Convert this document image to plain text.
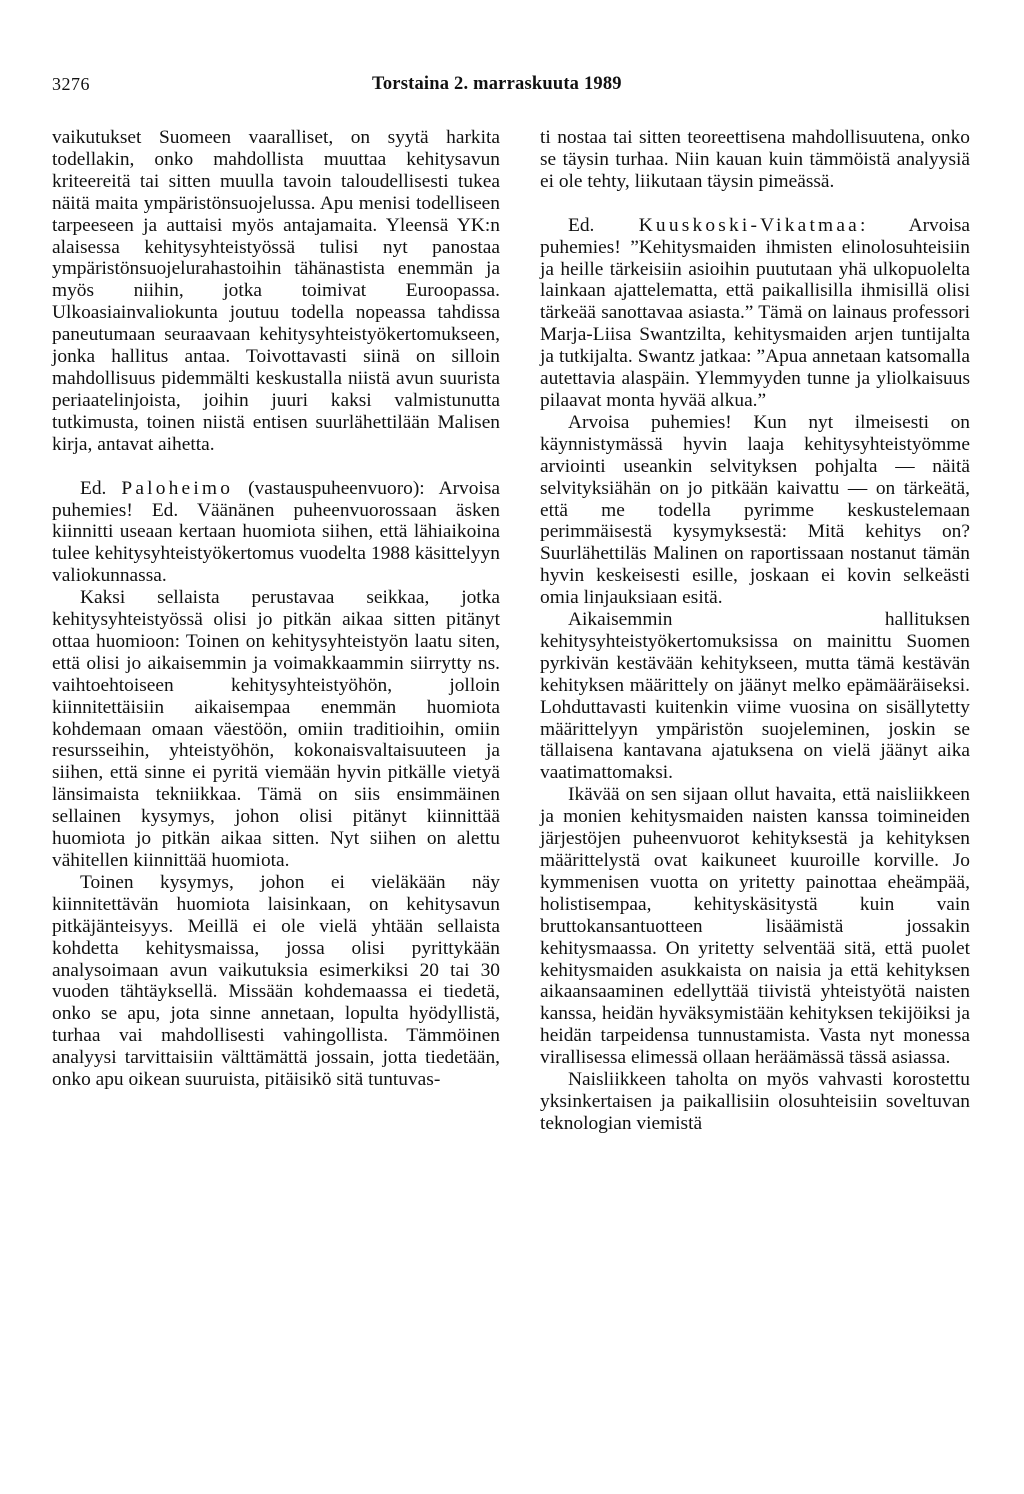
3276	Torstaina 2. marraskuuta 1989

vaikutukset Suomeen vaaralliset, on syytä harkita todellakin, onko mahdollista muuttaa kehitysavun kriteereitä tai sitten muulla tavoin taloudellisesti tukea näitä maita ympäristönsuojelussa. Apu menisi todelliseen tarpeeseen ja auttaisi myös antajamaita. Yleensä YK:n alaisessa kehitysyhteistyössä tulisi nyt panostaa ympäristönsuojelurahastoihin tähänastista enemmän ja myös niihin, jotka toimivat Euroopassa. Ulkoasiainvaliokunta joutuu todella nopeassa tahdissa paneutumaan seuraavaan kehitysyhteistyökertomukseen, jonka hallitus antaa. Toivottavasti siinä on silloin mahdollisuus pidemmälti keskustalla niistä avun suurista periaatelinjoista, joihin juuri kaksi valmistunutta tutkimusta, toinen niistä entisen suurlähettilään Malisen kirja, antavat aihetta.

Ed. Paloheimo (vastauspuheenvuoro): Arvoisa puhemies! Ed. Väänänen puheenvuorossaan äsken kiinnitti useaan kertaan huomiota siihen, että lähiaikoina tulee kehitysyhteistyökertomus vuodelta 1988 käsittelyyn valiokunnassa.

Kaksi sellaista perustavaa seikkaa, jotka kehitysyhteistyössä olisi jo pitkän aikaa sitten pitänyt ottaa huomioon: Toinen on kehitysyhteistyön laatu siten, että olisi jo aikaisemmin ja voimakkaammin siirrytty ns. vaihtoehtoiseen kehitysyhteistyöhön, jolloin kiinnitettäisiin aikaisempaa enemmän huomiota kohdemaan omaan väestöön, omiin traditioihin, omiin resursseihin, yhteistyöhön, kokonaisvaltaisuuteen ja siihen, että sinne ei pyritä viemään hyvin pitkälle vietyä länsimaista tekniikkaa. Tämä on siis ensimmäinen sellainen kysymys, johon olisi pitänyt kiinnittää huomiota jo pitkän aikaa sitten. Nyt siihen on alettu vähitellen kiinnittää huomiota.

Toinen kysymys, johon ei vieläkään näy kiinnitettävän huomiota laisinkaan, on kehitysavun pitkäjänteisyys. Meillä ei ole vielä yhtään sellaista kohdetta kehitysmaissa, jossa olisi pyrittykään analysoimaan avun vaikutuksia esimerkiksi 20 tai 30 vuoden tähtäyksellä. Missään kohdemaassa ei tiedetä, onko se apu, jota sinne annetaan, lopulta hyödyllistä, turhaa vai mahdollisesti vahingollista. Tämmöinen analyysi tarvittaisiin välttämättä jossain, jotta tiedetään, onko apu oikean suuruista, pitäisikö sitä tuntuvas-

ti nostaa tai sitten teoreettisena mahdollisuutena, onko se täysin turhaa. Niin kauan kuin tämmöistä analyysiä ei ole tehty, liikutaan täysin pimeässä.

Ed. Kuuskoski-Vikatmaa: Arvoisa puhemies! ”Kehitysmaiden ihmisten elinolosuhteisiin ja heille tärkeisiin asioihin puututaan yhä ulkopuolelta lainkaan ajattelematta, että paikallisilla ihmisillä olisi tärkeää sanottavaa asiasta.” Tämä on lainaus professori Marja-Liisa Swantzilta, kehitysmaiden arjen tuntijalta ja tutkijalta. Swantz jatkaa: ”Apua annetaan katsomalla autettavia alaspäin. Ylemmyyden tunne ja yliolkaisuus pilaavat monta hyvää alkua.”

Arvoisa puhemies! Kun nyt ilmeisesti on käynnistymässä hyvin laaja kehitysyhteistyömme arviointi useankin selvityksen pohjalta — näitä selvityksiähän on jo pitkään kaivattu — on tärkeätä, että me todella pyrimme keskustelemaan perimmäisestä kysymyksestä: Mitä kehitys on? Suurlähettiläs Malinen on raportissaan nostanut tämän hyvin keskeisesti esille, joskaan ei kovin selkeästi omia linjauksiaan esitä.

Aikaisemmin hallituksen kehitysyhteistyökertomuksissa on mainittu Suomen pyrkivän kestävään kehitykseen, mutta tämä kestävän kehityksen määrittely on jäänyt melko epämääräiseksi. Lohduttavasti kuitenkin viime vuosina on sisällytetty määrittelyyn ympäristön suojeleminen, joskin se tällaisena kantavana ajatuksena on vielä jäänyt aika vaatimattomaksi.

Ikävää on sen sijaan ollut havaita, että naisliikkeen ja monien kehitysmaiden naisten kanssa toimineiden järjestöjen puheenvuorot kehityksestä ja kehityksen määrittelystä ovat kaikuneet kuuroille korville. Jo kymmenisen vuotta on yritetty painottaa eheämpää, holistisempaa, kehityskäsitystä kuin vain bruttokansantuotteen lisäämistä jossakin kehitysmaassa. On yritetty selventää sitä, että puolet kehitysmaiden asukkaista on naisia ja että kehityksen aikaansaaminen edellyttää tiivistä yhteistyötä naisten kanssa, heidän hyväksymistään kehityksen tekijöiksi ja heidän tarpeidensa tunnustamista. Vasta nyt monessa virallisessa elimessä ollaan heräämässä tässä asiassa.

Naisliikkeen taholta on myös vahvasti korostettu yksinkertaisen ja paikallisiin olosuhteisiin soveltuvan teknologian viemistä
